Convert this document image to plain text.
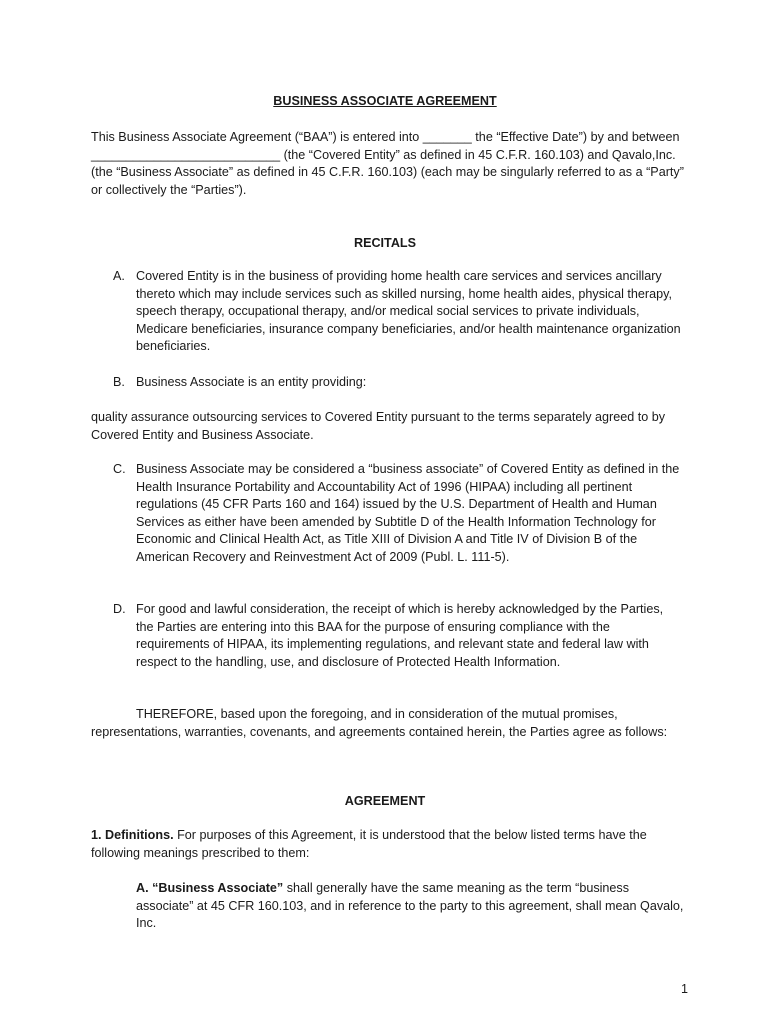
BUSINESS ASSOCIATE AGREEMENT
This Business Associate Agreement (“BAA”) is entered into _______ the “Effective Date”) by and between ___________________________ (the “Covered Entity” as defined in 45 C.F.R. 160.103) and Qavalo,Inc. (the “Business Associate” as defined in 45 C.F.R. 160.103) (each may be singularly referred to as a “Party” or collectively the “Parties”).
RECITALS
A. Covered Entity is in the business of providing home health care services and services ancillary thereto which may include services such as skilled nursing, home health aides, physical therapy, speech therapy, occupational therapy, and/or medical social services to private individuals, Medicare beneficiaries, insurance company beneficiaries, and/or health maintenance organization beneficiaries.
B. Business Associate is an entity providing:
quality assurance outsourcing services to Covered Entity pursuant to the terms separately agreed to by Covered Entity and Business Associate.
C. Business Associate may be considered a “business associate” of Covered Entity as defined in the Health Insurance Portability and Accountability Act of 1996 (HIPAA) including all pertinent regulations (45 CFR Parts 160 and 164) issued by the U.S. Department of Health and Human Services as either have been amended by Subtitle D of the Health Information Technology for Economic and Clinical Health Act, as Title XIII of Division A and Title IV of Division B of the American Recovery and Reinvestment Act of 2009 (Publ. L. 111-5).
D. For good and lawful consideration, the receipt of which is hereby acknowledged by the Parties, the Parties are entering into this BAA for the purpose of ensuring compliance with the requirements of HIPAA, its implementing regulations, and relevant state and federal law with respect to the handling, use, and disclosure of Protected Health Information.
THEREFORE, based upon the foregoing, and in consideration of the mutual promises, representations, warranties, covenants, and agreements contained herein, the Parties agree as follows:
AGREEMENT
1. Definitions. For purposes of this Agreement, it is understood that the below listed terms have the following meanings prescribed to them:
A. “Business Associate” shall generally have the same meaning as the term “business associate” at 45 CFR 160.103, and in reference to the party to this agreement, shall mean Qavalo, Inc.
1
